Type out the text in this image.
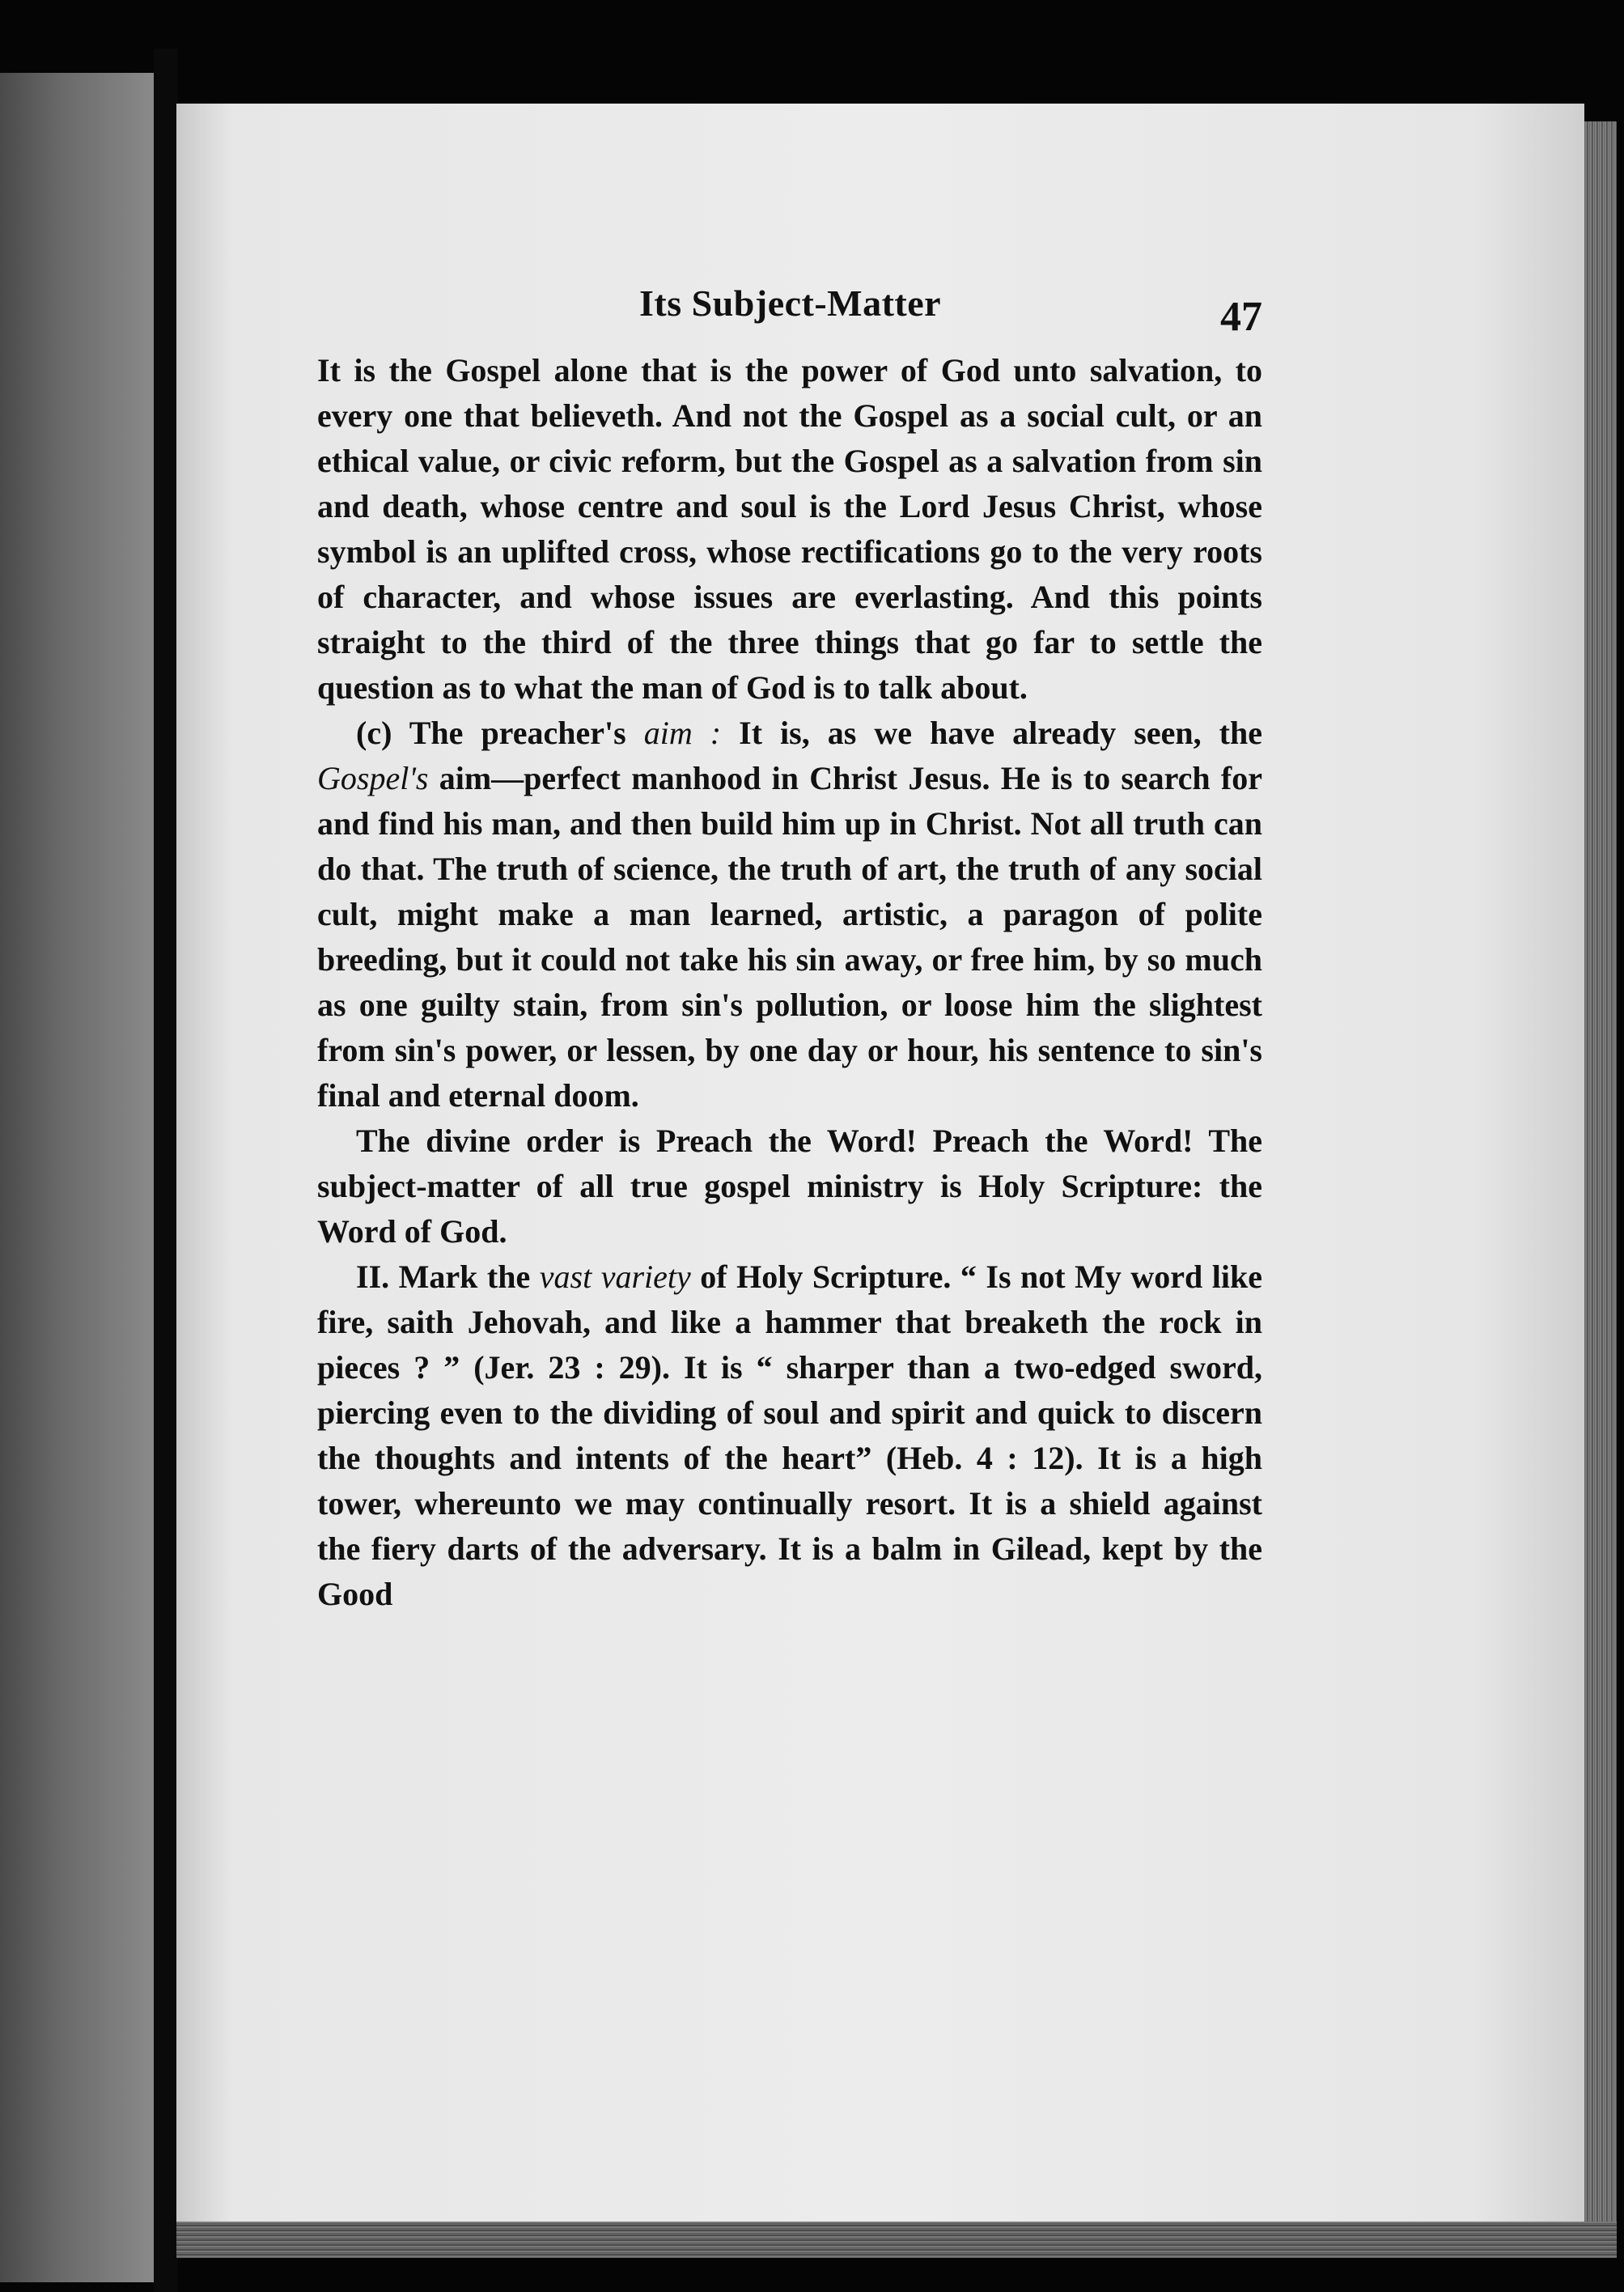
Its Subject-Matter	47

It is the Gospel alone that is the power of God unto salvation, to every one that believeth. And not the Gospel as a social cult, or an ethical value, or civic reform, but the Gospel as a salvation from sin and death, whose centre and soul is the Lord Jesus Christ, whose symbol is an uplifted cross, whose rectifications go to the very roots of character, and whose issues are everlasting. And this points straight to the third of the three things that go far to settle the question as to what the man of God is to talk about.

(c) The preacher's aim : It is, as we have already seen, the Gospel's aim—perfect manhood in Christ Jesus. He is to search for and find his man, and then build him up in Christ. Not all truth can do that. The truth of science, the truth of art, the truth of any social cult, might make a man learned, artistic, a paragon of polite breeding, but it could not take his sin away, or free him, by so much as one guilty stain, from sin's pollution, or loose him the slightest from sin's power, or lessen, by one day or hour, his sentence to sin's final and eternal doom.

The divine order is Preach the Word! Preach the Word! The subject-matter of all true gospel ministry is Holy Scripture: the Word of God.

II. Mark the vast variety of Holy Scripture. “ Is not My word like fire, saith Jehovah, and like a hammer that breaketh the rock in pieces ? ” (Jer. 23 : 29). It is “ sharper than a two-edged sword, piercing even to the dividing of soul and spirit and quick to discern the thoughts and intents of the heart” (Heb. 4 : 12). It is a high tower, whereunto we may continually resort. It is a shield against the fiery darts of the adversary. It is a balm in Gilead, kept by the Good
